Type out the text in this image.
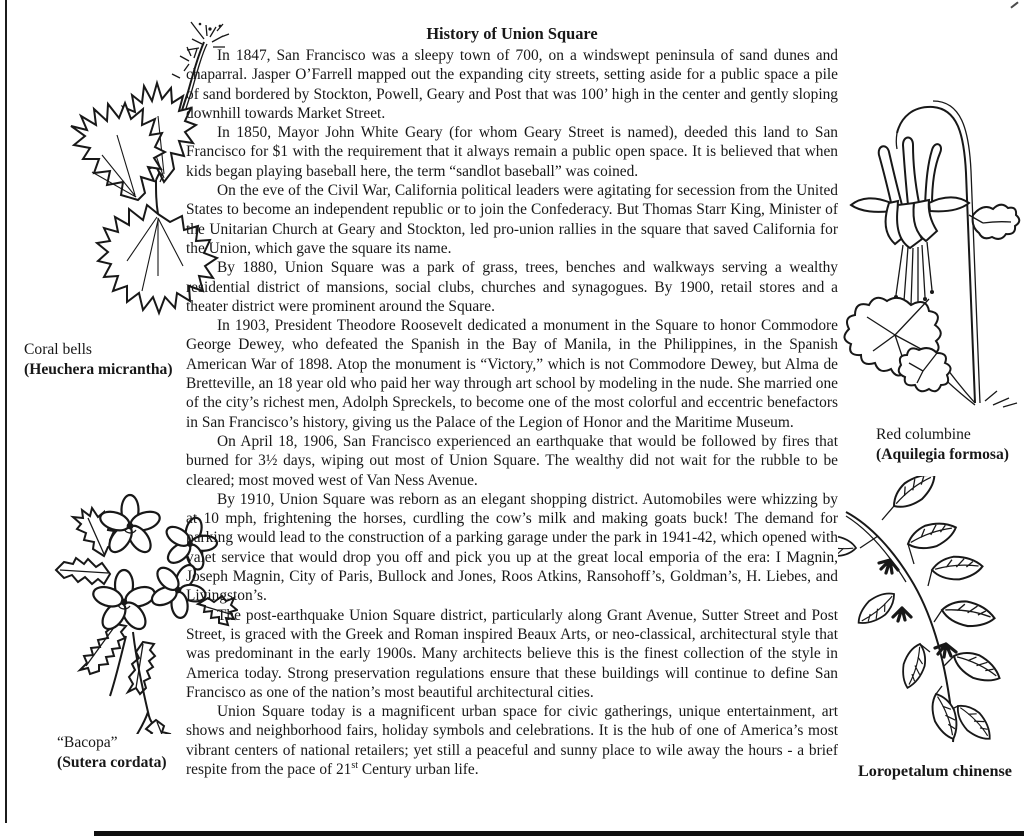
Coral bells
(Heuchera micrantha)
“Bacopa”
(Sutera cordata)
Red columbine
(Aquilegia formosa)
Loropetalum chinense
History of Union Square

In 1847, San Francisco was a sleepy town of 700, on a windswept peninsula of sand dunes and chaparral. Jasper O’Farrell mapped out the expanding city streets, setting aside for a public space a pile of sand bordered by Stockton, Powell, Geary and Post that was 100’ high in the center and gently sloping downhill towards Market Street.

In 1850, Mayor John White Geary (for whom Geary Street is named), deeded this land to San Francisco for $1 with the requirement that it always remain a public open space. It is believed that when kids began playing baseball here, the term “sandlot baseball” was coined.

On the eve of the Civil War, California political leaders were agitating for secession from the United States to become an independent republic or to join the Confederacy. But Thomas Starr King, Minister of the Unitarian Church at Geary and Stockton, led pro-union rallies in the square that saved California for the Union, which gave the square its name.

By 1880, Union Square was a park of grass, trees, benches and walkways serving a wealthy residential district of mansions, social clubs, churches and synagogues. By 1900, retail stores and a theater district were prominent around the Square.

In 1903, President Theodore Roosevelt dedicated a monument in the Square to honor Commodore George Dewey, who defeated the Spanish in the Bay of Manila, in the Philippines, in the Spanish American War of 1898. Atop the monument is “Victory,” which is not Commodore Dewey, but Alma de Bretteville, an 18 year old who paid her way through art school by modeling in the nude. She married one of the city’s richest men, Adolph Spreckels, to become one of the most colorful and eccentric benefactors in San Francisco’s history, giving us the Palace of the Legion of Honor and the Maritime Museum.

On April 18, 1906, San Francisco experienced an earthquake that would be followed by fires that burned for 3½ days, wiping out most of Union Square. The wealthy did not wait for the rubble to be cleared; most moved west of Van Ness Avenue.

By 1910, Union Square was reborn as an elegant shopping district. Automobiles were whizzing by at 10 mph, frightening the horses, curdling the cow’s milk and making goats buck! The demand for parking would lead to the construction of a parking garage under the park in 1941-42, which opened with valet service that would drop you off and pick you up at the great local emporia of the era: I Magnin, Joseph Magnin, City of Paris, Bullock and Jones, Roos Atkins, Ransohoff’s, Goldman’s, H. Liebes, and Livingston’s.

The post-earthquake Union Square district, particularly along Grant Avenue, Sutter Street and Post Street, is graced with the Greek and Roman inspired Beaux Arts, or neo-classical, architectural style that was predominant in the early 1900s. Many architects believe this is the finest collection of the style in America today. Strong preservation regulations ensure that these buildings will continue to define San Francisco as one of the nation’s most beautiful architectural cities.

Union Square today is a magnificent urban space for civic gatherings, unique entertainment, art shows and neighborhood fairs, holiday symbols and celebrations. It is the hub of one of America’s most vibrant centers of national retailers; yet still a peaceful and sunny place to wile away the hours - a brief respite from the pace of 21st Century urban life.
